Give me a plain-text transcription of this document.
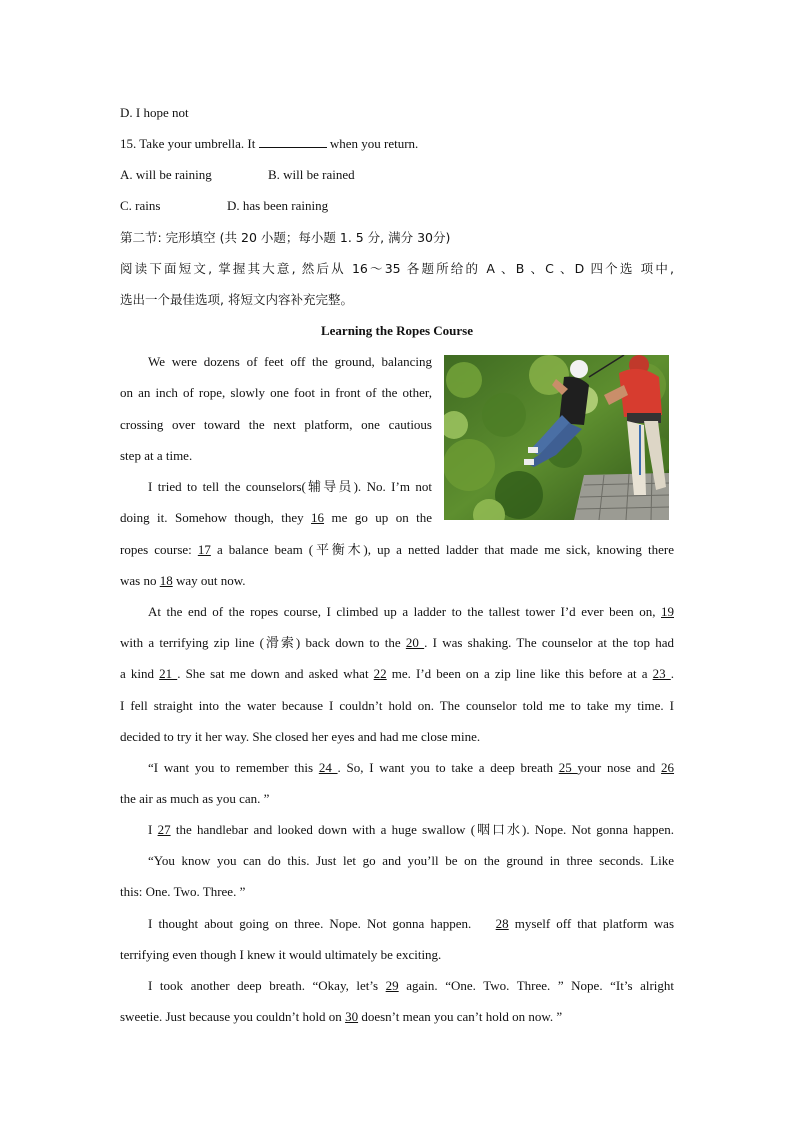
D. I hope not
15. Take your umbrella. It	when you return.
A. will be raining	B. will be rained
C. rains	D. has been raining
第二节: 完形填空 (共 20 小题；每小题 1. 5 分, 满分 30分)
阅读下面短文, 掌握其大意, 然后从 16～35 各题所给的 A 、B 、C 、D 四个选 项中,
选出一个最佳选项, 将短文内容补充完整。
Learning the Ropes Course
We were dozens of feet off the ground, balancing
on an inch of rope, slowly one foot in front of the other,
crossing over toward the next platform, one cautious
step at a time.
I tried to tell the counselors(辅导员). No. I’m not
doing it. Somehow though, they 16 me go up on the
ropes course: 17 a balance beam (平衡木), up a netted ladder that made me sick, knowing there
was no 18 way out now.
At the end of the ropes course, I climbed up a ladder to the tallest tower I’d ever been on, 19
with a terrifying zip line (滑索) back down to the 20 . I was shaking. The counselor at the top had
a kind 21 . She sat me down and asked what 22 me. I’d been on a zip line like this before at a 23 .
I fell straight into the water because I couldn’t hold on. The counselor told me to take my time. I
decided to try it her way. She closed her eyes and had me close mine.
“I want you to remember this 24 . So, I want you to take a deep breath 25 your nose and 26
the air as much as you can. ”
I 27 the handlebar and looked down with a huge swallow (咽口水). Nope. Not gonna happen.
“You know you can do this. Just let go and you’ll be on the ground in three seconds. Like
this: One. Two. Three. ”
I thought about going on three. Nope. Not gonna happen. 28 myself off that platform was
terrifying even though I knew it would ultimately be exciting.
I took another deep breath. “Okay, let’s 29 again. “One. Two. Three. ” Nope. “It’s alright
sweetie. Just because you couldn’t hold on 30 doesn’t mean you can’t hold on now. ”
